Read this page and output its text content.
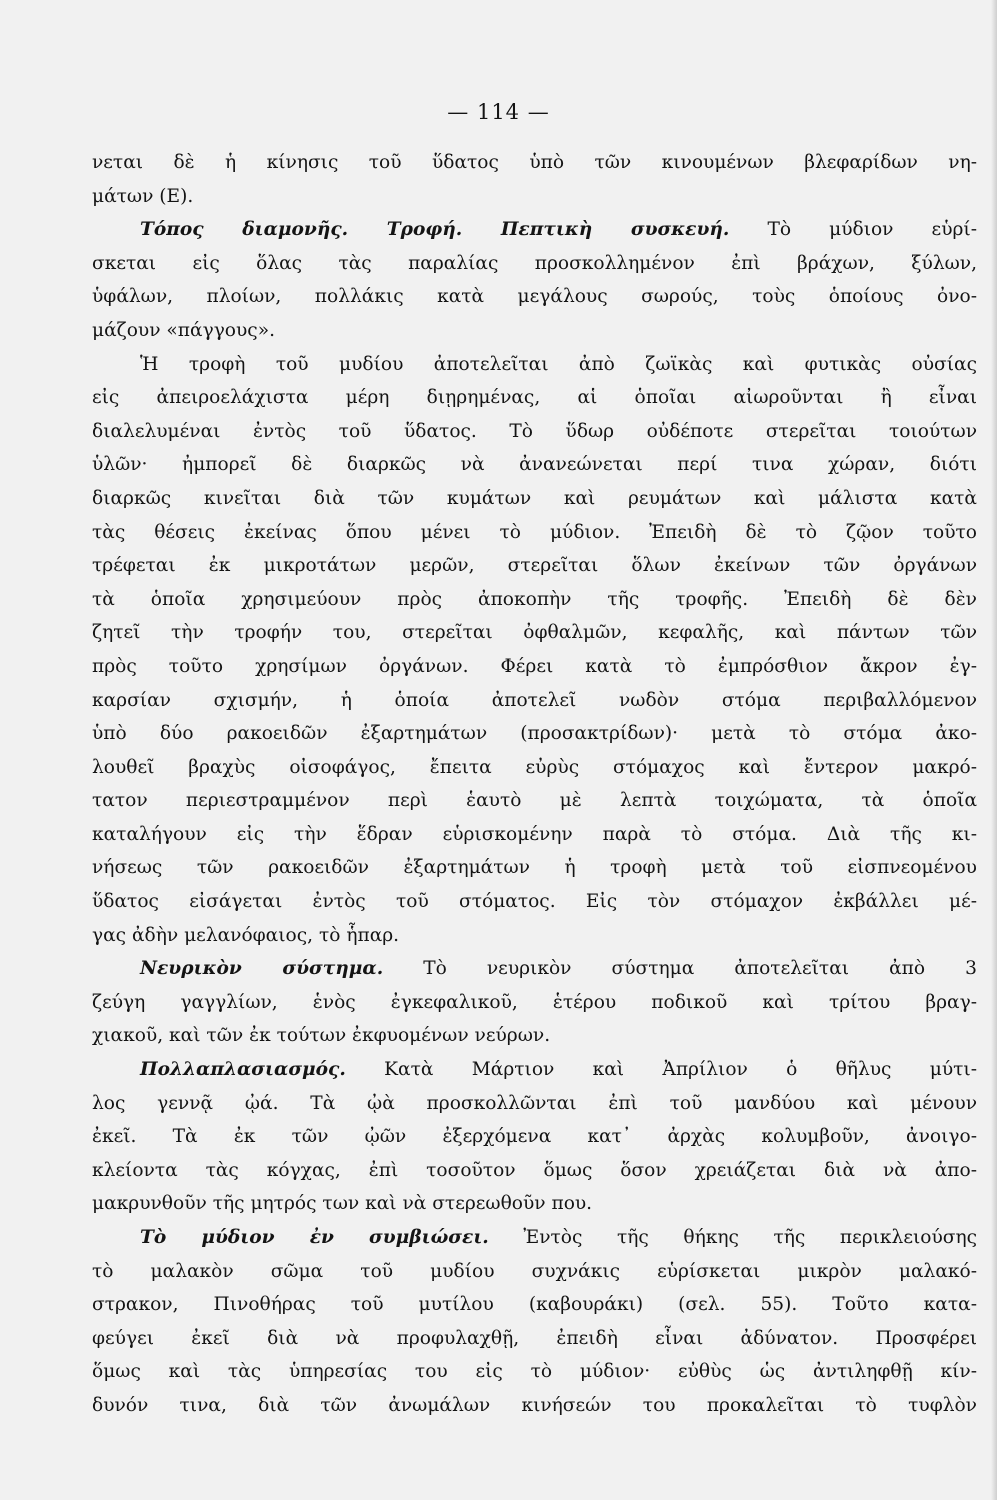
— 114 —
νεται δὲ ἡ κίνησις τοῦ ὕδατος ὑπὸ τῶν κινουμένων βλεφαρίδων νη-
μάτων (Ε).
Τόπος διαμονῆς. Τροφή. Πεπτικὴ συσκευή. Τὸ μύδιον εὑρί-
σκεται εἰς ὅλας τὰς παραλίας προσκολλημένον ἐπὶ βράχων, ξύλων,
ὑφάλων, πλοίων, πολλάκις κατὰ μεγάλους σωρούς, τοὺς ὁποίους ὀνο-
μάζουν «πάγγους».
Ἡ τροφὴ τοῦ μυδίου ἀποτελεῖται ἀπὸ ζωϊκὰς καὶ φυτικὰς οὐσίας
εἰς ἀπειροελάχιστα μέρη διῃρημένας, αἱ ὁποῖαι αἰωροῦνται ἢ εἶναι
διαλελυμέναι ἐντὸς τοῦ ὕδατος. Τὸ ὕδωρ οὐδέποτε στερεῖται τοιούτων
ὑλῶν· ἠμπορεῖ δὲ διαρκῶς νὰ ἀνανεώνεται περί τινα χώραν, διότι
διαρκῶς κινεῖται διὰ τῶν κυμάτων καὶ ρευμάτων καὶ μάλιστα κατὰ
τὰς θέσεις ἐκείνας ὅπου μένει τὸ μύδιον. Ἐπειδὴ δὲ τὸ ζῷον τοῦτο
τρέφεται ἐκ μικροτάτων μερῶν, στερεῖται ὅλων ἐκείνων τῶν ὀργάνων
τὰ ὁποῖα χρησιμεύουν πρὸς ἀποκοπὴν τῆς τροφῆς. Ἐπειδὴ δὲ δὲν
ζητεῖ τὴν τροφήν του, στερεῖται ὀφθαλμῶν, κεφαλῆς, καὶ πάντων τῶν
πρὸς τοῦτο χρησίμων ὀργάνων. Φέρει κατὰ τὸ ἐμπρόσθιον ἄκρον ἐγ-
καρσίαν σχισμήν, ἡ ὁποία ἀποτελεῖ νωδὸν στόμα περιβαλλόμενον
ὑπὸ δύο ρακοειδῶν ἐξαρτημάτων (προσακτρίδων)· μετὰ τὸ στόμα ἀκο-
λουθεῖ βραχὺς οἰσοφάγος, ἔπειτα εὐρὺς στόμαχος καὶ ἔντερον μακρό-
τατον περιεστραμμένον περὶ ἑαυτὸ μὲ λεπτὰ τοιχώματα, τὰ ὁποῖα
καταλήγουν εἰς τὴν ἕδραν εὑρισκομένην παρὰ τὸ στόμα. Διὰ τῆς κι-
νήσεως τῶν ρακοειδῶν ἐξαρτημάτων ἡ τροφὴ μετὰ τοῦ εἰσπνεομένου
ὕδατος εἰσάγεται ἐντὸς τοῦ στόματος. Εἰς τὸν στόμαχον ἐκβάλλει μέ-
γας ἀδὴν μελανόφαιος, τὸ ἧπαρ.
Νευρικὸν σύστημα. Τὸ νευρικὸν σύστημα ἀποτελεῖται ἀπὸ 3
ζεύγη γαγγλίων, ἑνὸς ἐγκεφαλικοῦ, ἑτέρου ποδικοῦ καὶ τρίτου βραγ-
χιακοῦ, καὶ τῶν ἐκ τούτων ἐκφυομένων νεύρων.
Πολλαπλασιασμός. Κατὰ Μάρτιον καὶ Ἀπρίλιον ὁ θῆλυς μύτι-
λος γεννᾷ ᾠά. Τὰ ᾠὰ προσκολλῶνται ἐπὶ τοῦ μανδύου καὶ μένουν
ἐκεῖ. Τὰ ἐκ τῶν ᾠῶν ἐξερχόμενα κατ᾽ ἀρχὰς κολυμβοῦν, ἀνοιγο-
κλείοντα τὰς κόγχας, ἐπὶ τοσοῦτον ὅμως ὅσον χρειάζεται διὰ νὰ ἀπο-
μακρυνθοῦν τῆς μητρός των καὶ νὰ στερεωθοῦν που.
Τὸ μύδιον ἐν συμβιώσει. Ἐντὸς τῆς θήκης τῆς περικλειούσης
τὸ μαλακὸν σῶμα τοῦ μυδίου συχνάκις εὑρίσκεται μικρὸν μαλακό-
στρακον, Πινοθήρας τοῦ μυτίλου (καβουράκι) (σελ. 55). Τοῦτο κατα-
φεύγει ἐκεῖ διὰ νὰ προφυλαχθῇ, ἐπειδὴ εἶναι ἀδύνατον. Προσφέρει
ὅμως καὶ τὰς ὑπηρεσίας του εἰς τὸ μύδιον· εὐθὺς ὡς ἀντιληφθῇ κίν-
δυνόν τινα, διὰ τῶν ἀνωμάλων κινήσεών του προκαλεῖται τὸ τυφλὸν
